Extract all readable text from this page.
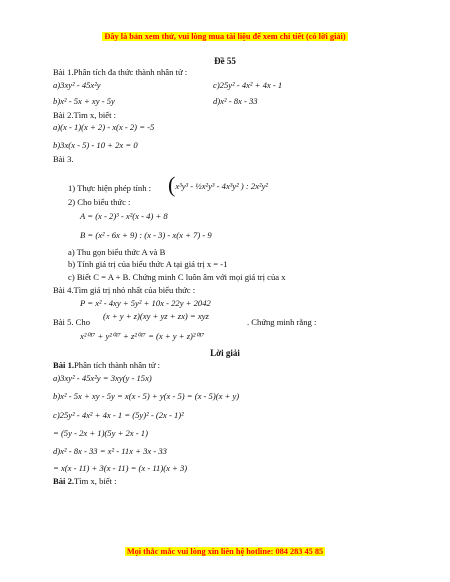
Đây là bản xem thử, vui lòng mua tài liệu để xem chi tiết (có lời giải)
Đề 55
Bài 1.Phân tích đa thức thành nhân tử :
a)3xy² - 45x²y	c)25y² - 4x² + 4x - 1
b)x² - 5x + xy - 5y	d)x² - 8x - 33
Bài 2.Tìm x, biết :
a)(x - 1)(x + 2) - x(x - 2) = -5
b)3x(x - 5) - 10 + 2x = 0
Bài 3.
1) Thực hiện phép tính : (x³y³ - ½x²y³ - 4x³y² ) : 2x²y²
2) Cho biểu thức :
A = (x - 2)³ - x²(x - 4) + 8
B = (x² - 6x + 9) : (x - 3) - x(x + 7) - 9
a) Thu gọn biểu thức A và B
b) Tính giá trị của biểu thức A tại giá trị x = -1
c) Biết C = A + B. Chứng minh C luôn âm với mọi giá trị của x
Bài 4.Tìm giá trị nhỏ nhất của biểu thức :
P = x² - 4xy + 5y² + 10x - 22y + 2042
Bài 5. Cho
(x + y + z)(xy + yz + zx) = xyz
. Chứng minh rằng :
x²⁰¹⁷ + y²⁰¹⁷ + z²⁰¹⁷ = (x + y + z)²⁰¹⁷
Lời giải
Bài 1.Phân tích thành nhân tử :
a)3xy² - 45x²y = 3xy(y - 15x)
b)x² - 5x + xy - 5y = x(x - 5) + y(x - 5) = (x - 5)(x + y)
c)25y² - 4x² + 4x - 1 = (5y)² - (2x - 1)²
= (5y - 2x + 1)(5y + 2x - 1)
d)x² - 8x - 33 = x² - 11x + 3x - 33
= x(x - 11) + 3(x - 11) = (x - 11)(x + 3)
Bài 2.Tìm x, biết :
Mọi thắc mắc vui lòng xin liên hệ hotline: 084 283 45 85
